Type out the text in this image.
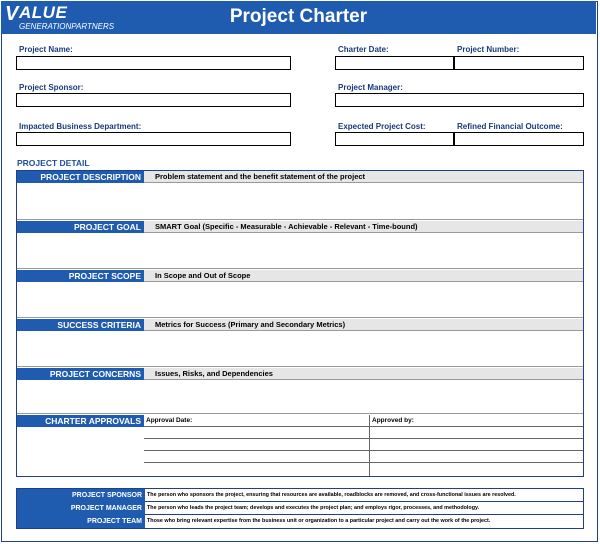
V ALUE
GENERATIONPARTNERS	Project Charter
Project Name:	Charter Date:	Project Number:
Project Sponsor:	Project Manager:
Impacted Business Department:	Expected Project Cost:	Refined Financial Outcome:
PROJECT DETAIL
PROJECT DESCRIPTION	Problem statement and the benefit statement of the project
PROJECT GOAL	SMART Goal (Specific - Measurable - Achievable - Relevant - Time-bound)
PROJECT SCOPE	In Scope and Out of Scope
SUCCESS CRITERIA	Metrics for Success (Primary and Secondary Metrics)
PROJECT CONCERNS	Issues, Risks, and Dependencies
CHARTER APPROVALS Approval Date:	Approved by:
PROJECT SPONSOR The person who sponsors the project, ensuring that resources are available, roadblocks are removed, and cross-functional issues are resolved.
PROJECT MANAGER The person who leads the project team; develops and executes the project plan; and employs rigor, processes, and methodology.
PROJECT TEAM Those who bring relevant expertise from the business unit or organization to a particular project and carry out the work of the project.
